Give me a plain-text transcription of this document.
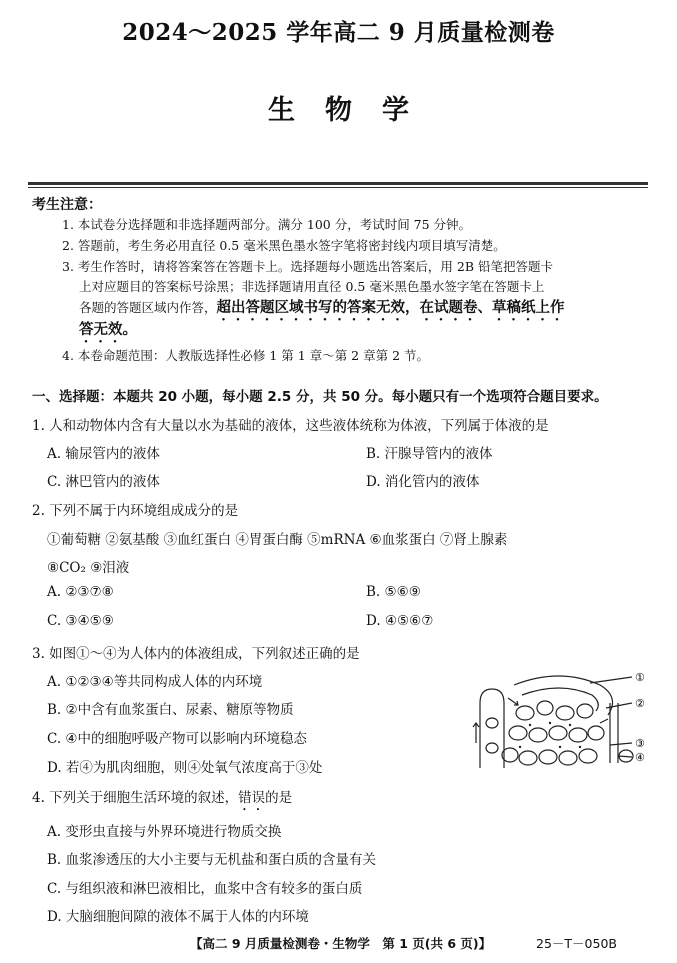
2024～2025 学年高二 9 月质量检测卷
生物学
考生注意：
1. 本试卷分选择题和非选择题两部分。满分 100 分，考试时间 75 分钟。
2. 答题前，考生务必用直径 0.5 毫米黑色墨水签字笔将密封线内项目填写清楚。
3. 考生作答时，请将答案答在答题卡上。选择题每小题选出答案后，用 2B 铅笔把答题卡
上对应题目的答案标号涂黑；非选择题请用直径 0.5 毫米黑色墨水签字笔在答题卡上
各题的答题区域内作答，超出答题区域书写的答案无效，在试题卷、草稿纸上作
答无效。
4. 本卷命题范围：人教版选择性必修 1 第 1 章～第 2 章第 2 节。
一、选择题：本题共 20 小题，每小题 2.5 分，共 50 分。每小题只有一个选项符合题目要求。
1. 人和动物体内含有大量以水为基础的液体，这些液体统称为体液，下列属于体液的是
A. 输尿管内的液体	B. 汗腺导管内的液体
C. 淋巴管内的液体	D. 消化管内的液体
2. 下列不属于内环境组成成分的是
①葡萄糖 ②氨基酸 ③血红蛋白 ④胃蛋白酶 ⑤mRNA ⑥血浆蛋白 ⑦肾上腺素
⑧CO₂ ⑨泪液
A. ②③⑦⑧	B. ⑤⑥⑨
C. ③④⑤⑨	D. ④⑤⑥⑦
3. 如图①～④为人体内的体液组成，下列叙述正确的是
A. ①②③④等共同构成人体的内环境
B. ②中含有血浆蛋白、尿素、糖原等物质
C. ④中的细胞呼吸产物可以影响内环境稳态
D. 若④为肌肉细胞，则④处氧气浓度高于③处
①
②
③
④
4. 下列关于细胞生活环境的叙述，错误的是
A. 变形虫直接与外界环境进行物质交换
B. 血浆渗透压的大小主要与无机盐和蛋白质的含量有关
C. 与组织液和淋巴液相比，血浆中含有较多的蛋白质
D. 大脑细胞间隙的液体不属于人体的内环境
【高二 9 月质量检测卷・生物学　第 1 页(共 6 页)】	25－T－050B
